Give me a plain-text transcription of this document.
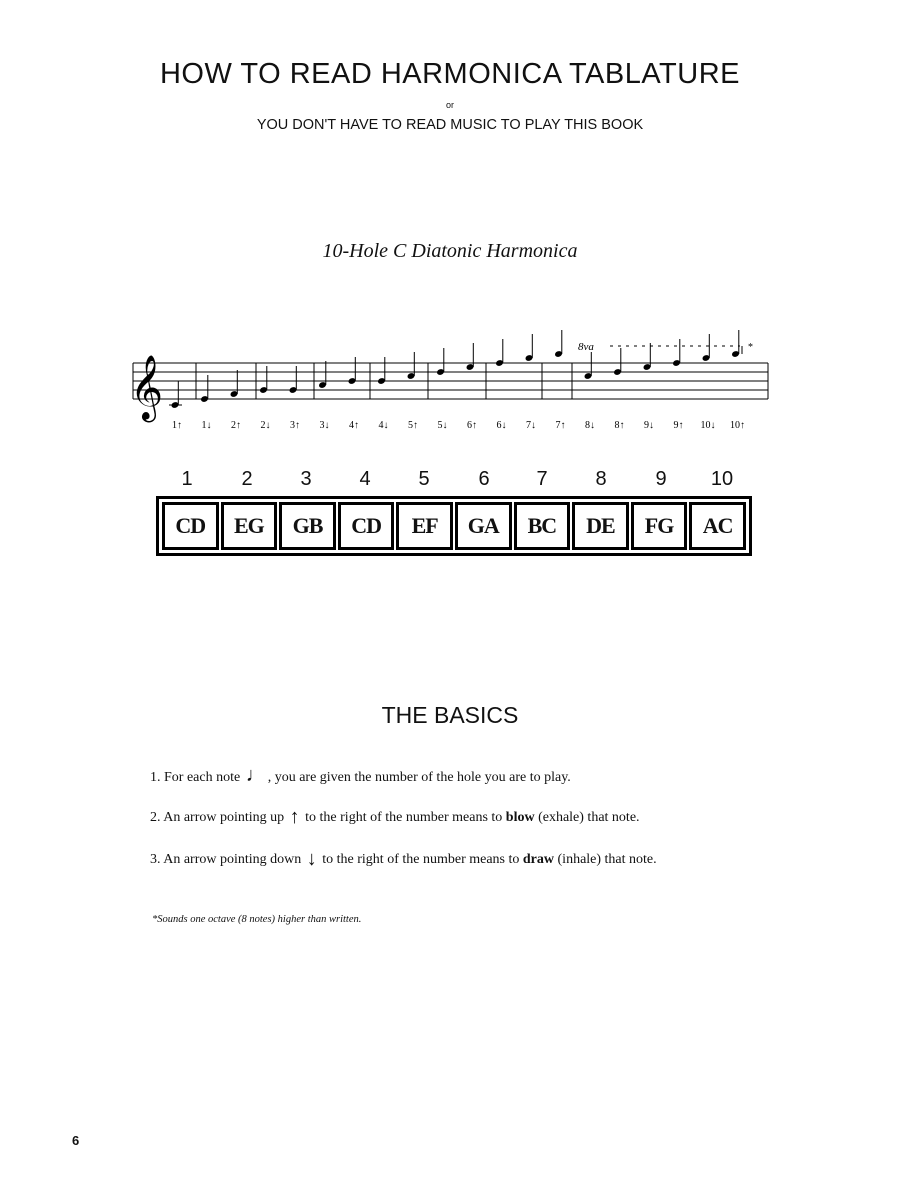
HOW TO READ HARMONICA TABLATURE
or
YOU DON'T HAVE TO READ MUSIC TO PLAY THIS BOOK
10-Hole C Diatonic Harmonica
𝄞
8va	*
1↑ 1↓ 2↑ 2↓ 3↑ 3↓ 4↑ 4↓ 5↑ 5↓ 6↑ 6↓ 7↓ 7↑ 8↓ 8↑ 9↓ 9↑ 10↓ 10↑
1	2	3	4	5	6	7	8	9	10
CD	EG	GB	CD	EF	GA	BC	DE	FG	AC
THE BASICS
1. For each note ♩ , you are given the number of the hole you are to play.
2. An arrow pointing up ↑ to the right of the number means to blow (exhale) that note.
3. An arrow pointing down ↓ to the right of the number means to draw (inhale) that note.
*Sounds one octave (8 notes) higher than written.
6
